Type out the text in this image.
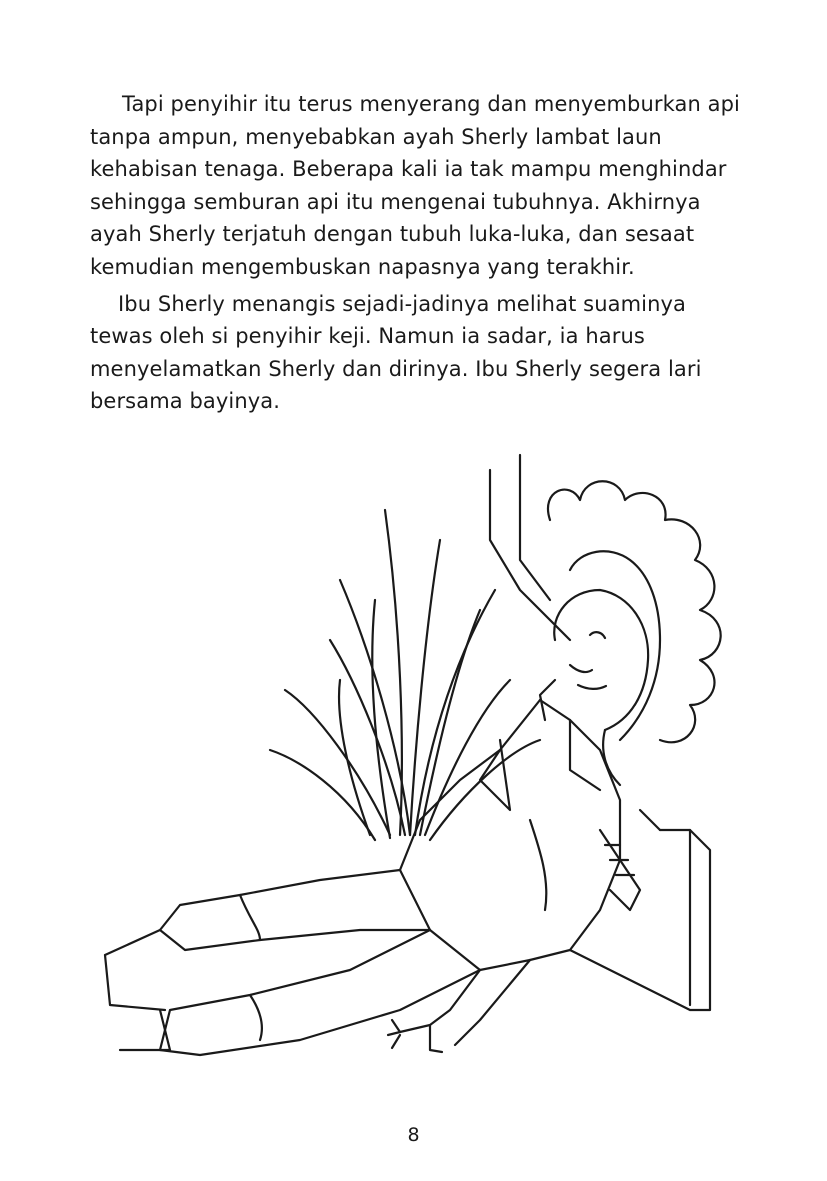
Tapi penyihir itu terus menyerang dan menyemburkan api tanpa ampun, menyebabkan ayah Sherly lambat laun kehabisan tenaga. Beberapa kali ia tak mampu menghindar sehingga semburan api itu mengenai tubuhnya. Akhirnya ayah Sherly terjatuh dengan tubuh luka-luka, dan sesaat kemudian mengembuskan napasnya yang terakhir.

Ibu Sherly menangis sejadi-jadinya melihat suaminya tewas oleh si penyihir keji. Namun ia sadar, ia harus menyelamatkan Sherly dan dirinya. Ibu Sherly segera lari bersama bayinya.

8
